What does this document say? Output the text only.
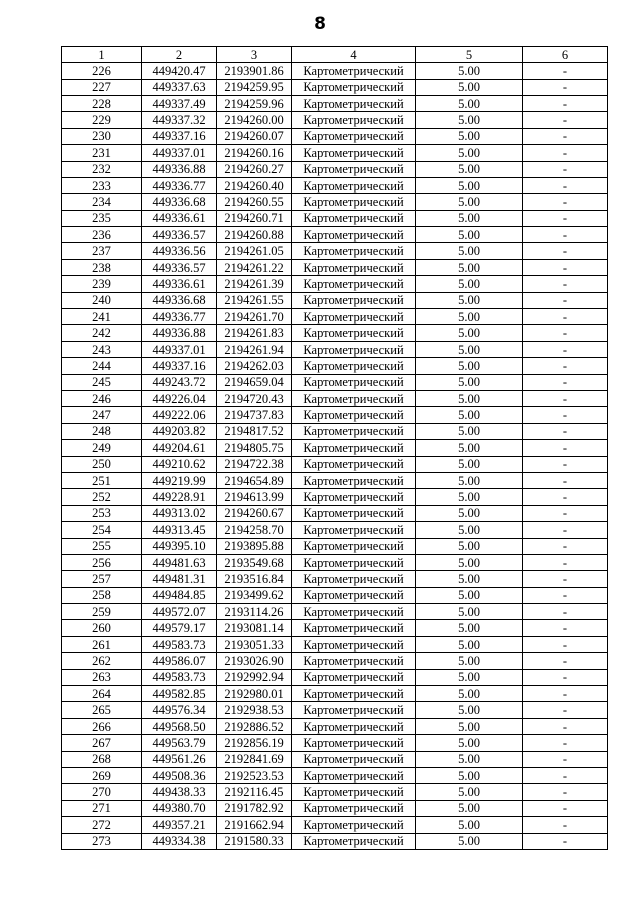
8
1	2	3	4	5	6
226	449420.47	2193901.86	Картометрический	5.00	-
227	449337.63	2194259.95	Картометрический	5.00	-
228	449337.49	2194259.96	Картометрический	5.00	-
229	449337.32	2194260.00	Картометрический	5.00	-
230	449337.16	2194260.07	Картометрический	5.00	-
231	449337.01	2194260.16	Картометрический	5.00	-
232	449336.88	2194260.27	Картометрический	5.00	-
233	449336.77	2194260.40	Картометрический	5.00	-
234	449336.68	2194260.55	Картометрический	5.00	-
235	449336.61	2194260.71	Картометрический	5.00	-
236	449336.57	2194260.88	Картометрический	5.00	-
237	449336.56	2194261.05	Картометрический	5.00	-
238	449336.57	2194261.22	Картометрический	5.00	-
239	449336.61	2194261.39	Картометрический	5.00	-
240	449336.68	2194261.55	Картометрический	5.00	-
241	449336.77	2194261.70	Картометрический	5.00	-
242	449336.88	2194261.83	Картометрический	5.00	-
243	449337.01	2194261.94	Картометрический	5.00	-
244	449337.16	2194262.03	Картометрический	5.00	-
245	449243.72	2194659.04	Картометрический	5.00	-
246	449226.04	2194720.43	Картометрический	5.00	-
247	449222.06	2194737.83	Картометрический	5.00	-
248	449203.82	2194817.52	Картометрический	5.00	-
249	449204.61	2194805.75	Картометрический	5.00	-
250	449210.62	2194722.38	Картометрический	5.00	-
251	449219.99	2194654.89	Картометрический	5.00	-
252	449228.91	2194613.99	Картометрический	5.00	-
253	449313.02	2194260.67	Картометрический	5.00	-
254	449313.45	2194258.70	Картометрический	5.00	-
255	449395.10	2193895.88	Картометрический	5.00	-
256	449481.63	2193549.68	Картометрический	5.00	-
257	449481.31	2193516.84	Картометрический	5.00	-
258	449484.85	2193499.62	Картометрический	5.00	-
259	449572.07	2193114.26	Картометрический	5.00	-
260	449579.17	2193081.14	Картометрический	5.00	-
261	449583.73	2193051.33	Картометрический	5.00	-
262	449586.07	2193026.90	Картометрический	5.00	-
263	449583.73	2192992.94	Картометрический	5.00	-
264	449582.85	2192980.01	Картометрический	5.00	-
265	449576.34	2192938.53	Картометрический	5.00	-
266	449568.50	2192886.52	Картометрический	5.00	-
267	449563.79	2192856.19	Картометрический	5.00	-
268	449561.26	2192841.69	Картометрический	5.00	-
269	449508.36	2192523.53	Картометрический	5.00	-
270	449438.33	2192116.45	Картометрический	5.00	-
271	449380.70	2191782.92	Картометрический	5.00	-
272	449357.21	2191662.94	Картометрический	5.00	-
273	449334.38	2191580.33	Картометрический	5.00	-
